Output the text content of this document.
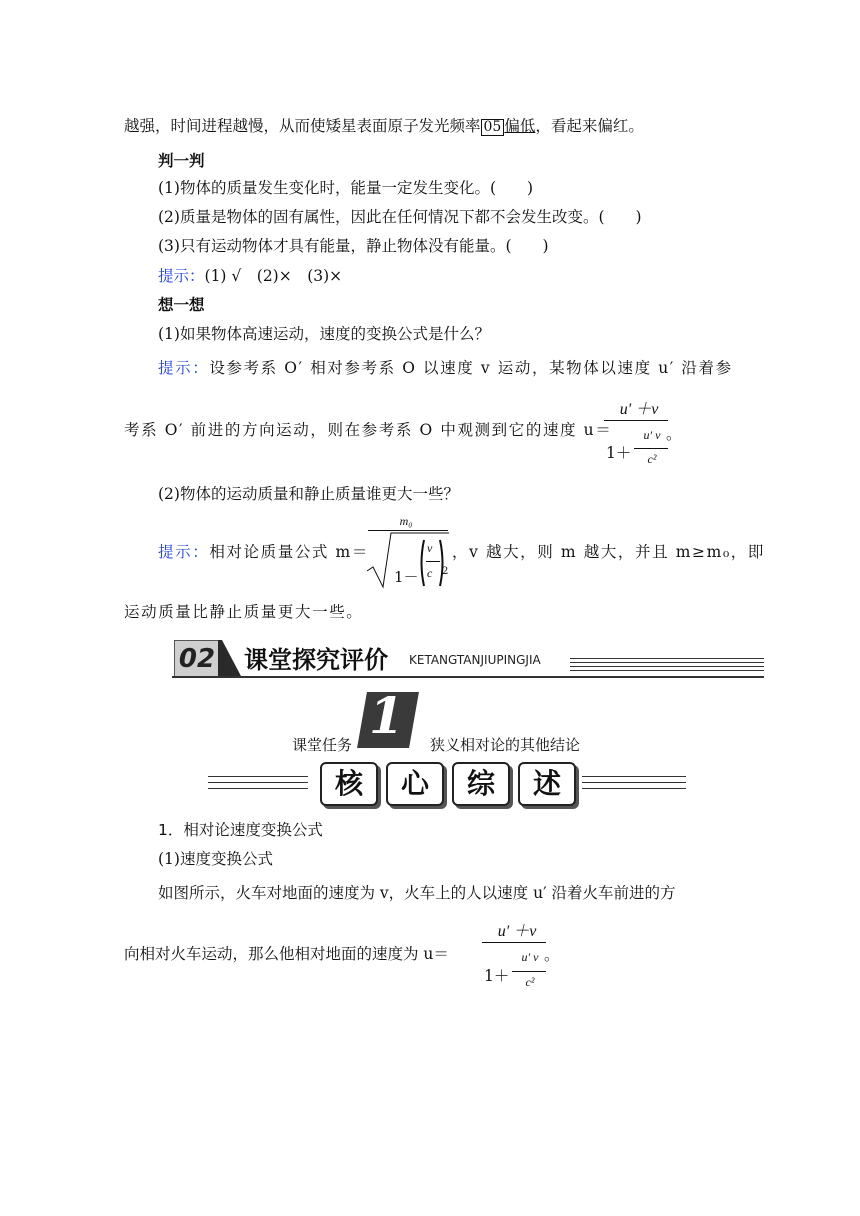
越强，时间进程越慢，从而使矮星表面原子发光频率 05 偏低，看起来偏红。
判一判
(1)物体的质量发生变化时，能量一定发生变化。(　　)
(2)质量是物体的固有属性，因此在任何情况下都不会发生改变。(　　)
(3)只有运动物体才具有能量，静止物体没有能量。(　　)
提示：(1) √　(2)×　(3)×
想一想
(1)如果物体高速运动，速度的变换公式是什么？
提示：设参考系 O′ 相对参考系 O 以速度 v 运动，某物体以速度 u′ 沿着参
考系 O′ 前进的方向运动，则在参考系 O 中观测到它的速度 u＝
u′ ＋v
1＋
u′ v
c²
。
(2)物体的运动质量和静止质量谁更大一些？
提示：相对论质量公式 m＝
m₀
1－
v
c 2
，v 越大，则 m 越大，并且 m≥m₀，即
运动质量比静止质量更大一些。
02 课堂探究评价 KETANGTANJIUPINGJIA
课堂任务 1 狭义相对论的其他结论
核	心	综	述
1．相对论速度变换公式
(1)速度变换公式
如图所示，火车对地面的速度为 v，火车上的人以速度 u′ 沿着火车前进的方
向相对火车运动，那么他相对地面的速度为 u＝
u′ ＋v
1＋
u′ v
c²
。
